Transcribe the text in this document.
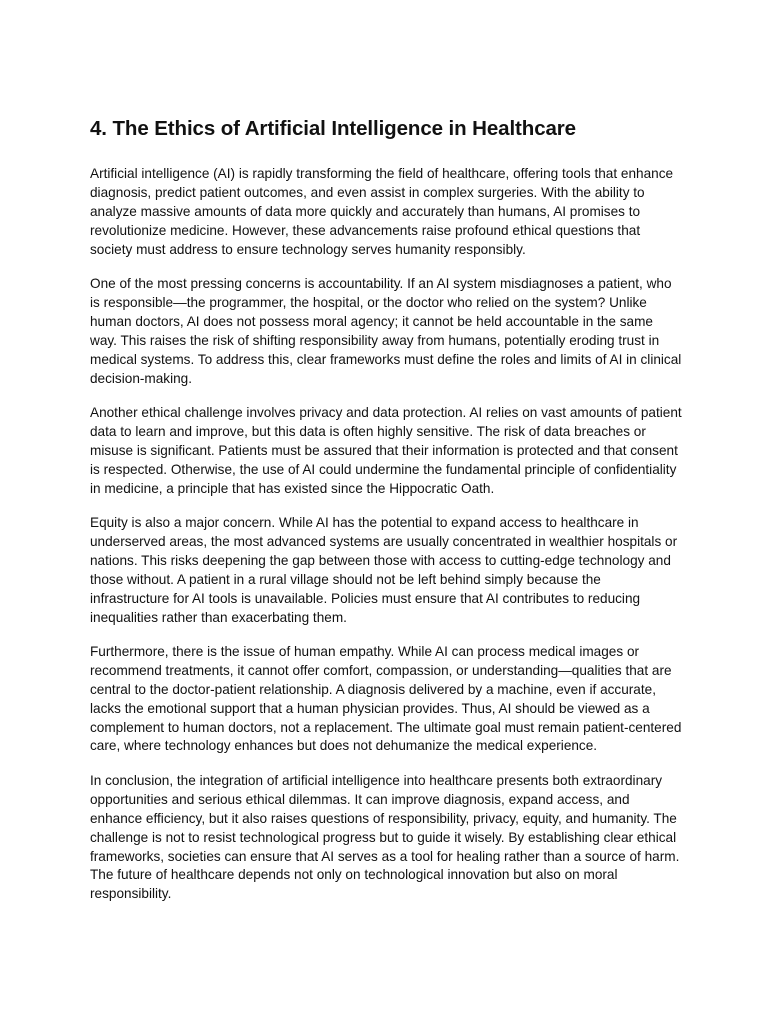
4. The Ethics of Artificial Intelligence in Healthcare

Artificial intelligence (AI) is rapidly transforming the field of healthcare, offering tools that enhance diagnosis, predict patient outcomes, and even assist in complex surgeries. With the ability to analyze massive amounts of data more quickly and accurately than humans, AI promises to revolutionize medicine. However, these advancements raise profound ethical questions that society must address to ensure technology serves humanity responsibly.

One of the most pressing concerns is accountability. If an AI system misdiagnoses a patient, who is responsible—the programmer, the hospital, or the doctor who relied on the system? Unlike human doctors, AI does not possess moral agency; it cannot be held accountable in the same way. This raises the risk of shifting responsibility away from humans, potentially eroding trust in medical systems. To address this, clear frameworks must define the roles and limits of AI in clinical decision-making.

Another ethical challenge involves privacy and data protection. AI relies on vast amounts of patient data to learn and improve, but this data is often highly sensitive. The risk of data breaches or misuse is significant. Patients must be assured that their information is protected and that consent is respected. Otherwise, the use of AI could undermine the fundamental principle of confidentiality in medicine, a principle that has existed since the Hippocratic Oath.

Equity is also a major concern. While AI has the potential to expand access to healthcare in underserved areas, the most advanced systems are usually concentrated in wealthier hospitals or nations. This risks deepening the gap between those with access to cutting-edge technology and those without. A patient in a rural village should not be left behind simply because the infrastructure for AI tools is unavailable. Policies must ensure that AI contributes to reducing inequalities rather than exacerbating them.

Furthermore, there is the issue of human empathy. While AI can process medical images or recommend treatments, it cannot offer comfort, compassion, or understanding—qualities that are central to the doctor-patient relationship. A diagnosis delivered by a machine, even if accurate, lacks the emotional support that a human physician provides. Thus, AI should be viewed as a complement to human doctors, not a replacement. The ultimate goal must remain patient-centered care, where technology enhances but does not dehumanize the medical experience.

In conclusion, the integration of artificial intelligence into healthcare presents both extraordinary opportunities and serious ethical dilemmas. It can improve diagnosis, expand access, and enhance efficiency, but it also raises questions of responsibility, privacy, equity, and humanity. The challenge is not to resist technological progress but to guide it wisely. By establishing clear ethical frameworks, societies can ensure that AI serves as a tool for healing rather than a source of harm. The future of healthcare depends not only on technological innovation but also on moral responsibility.
